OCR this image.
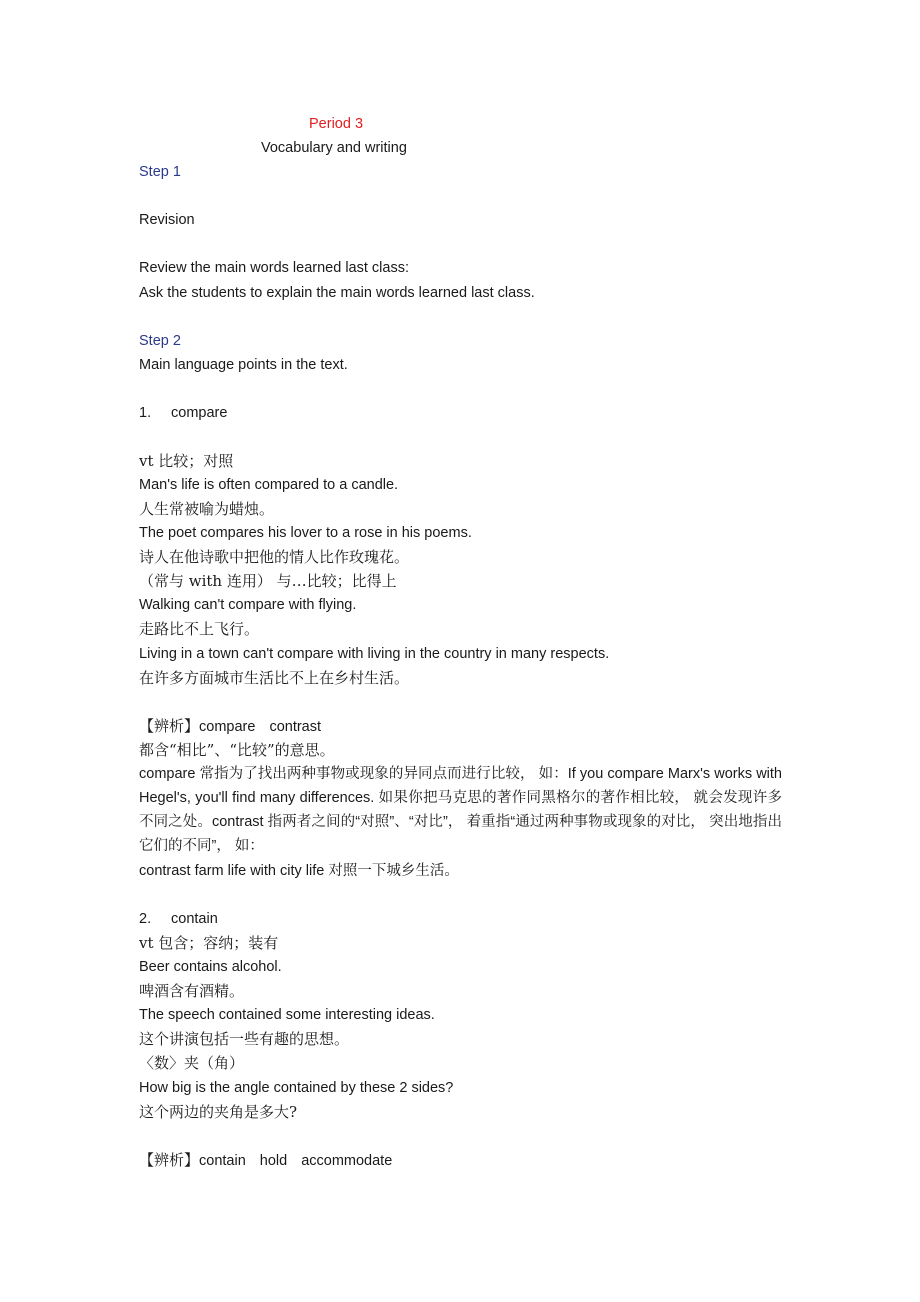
Period 3
Vocabulary and writing
Step 1
Revision
Review the main words learned last class:
Ask the students to explain the main words learned last class.
Step 2
Main language points in the text.
1. compare
vt 比较；对照
Man's life is often compared to a candle.
人生常被喻为蜡烛。
The poet compares his lover to a rose in his poems.
诗人在他诗歌中把他的情人比作玫瑰花。
（常与 with 连用） 与…比较；比得上
Walking can't compare with flying.
走路比不上飞行。
Living in a town can't compare with living in the country in many respects.
在许多方面城市生活比不上在乡村生活。
【辨析】compare contrast
都含“相比”、“比较”的意思。
compare 常指为了找出两种事物或现象的异同点而进行比较， 如：If you compare Marx's works with Hegel's, you'll find many differences. 如果你把马克思的著作同黑格尔的著作相比较， 就会发现许多不同之处。contrast 指两者之间的“对照”、“对比”， 着重指“通过两种事物或现象的对比， 突出地指出它们的不同”， 如：
contrast farm life with city life 对照一下城乡生活。
2. contain
vt 包含；容纳；装有
Beer contains alcohol.
啤酒含有酒精。
The speech contained some interesting ideas.
这个讲演包括一些有趣的思想。
〈数〉夹（角）
How big is the angle contained by these 2 sides?
这个两边的夹角是多大?
【辨析】contain hold accommodate
